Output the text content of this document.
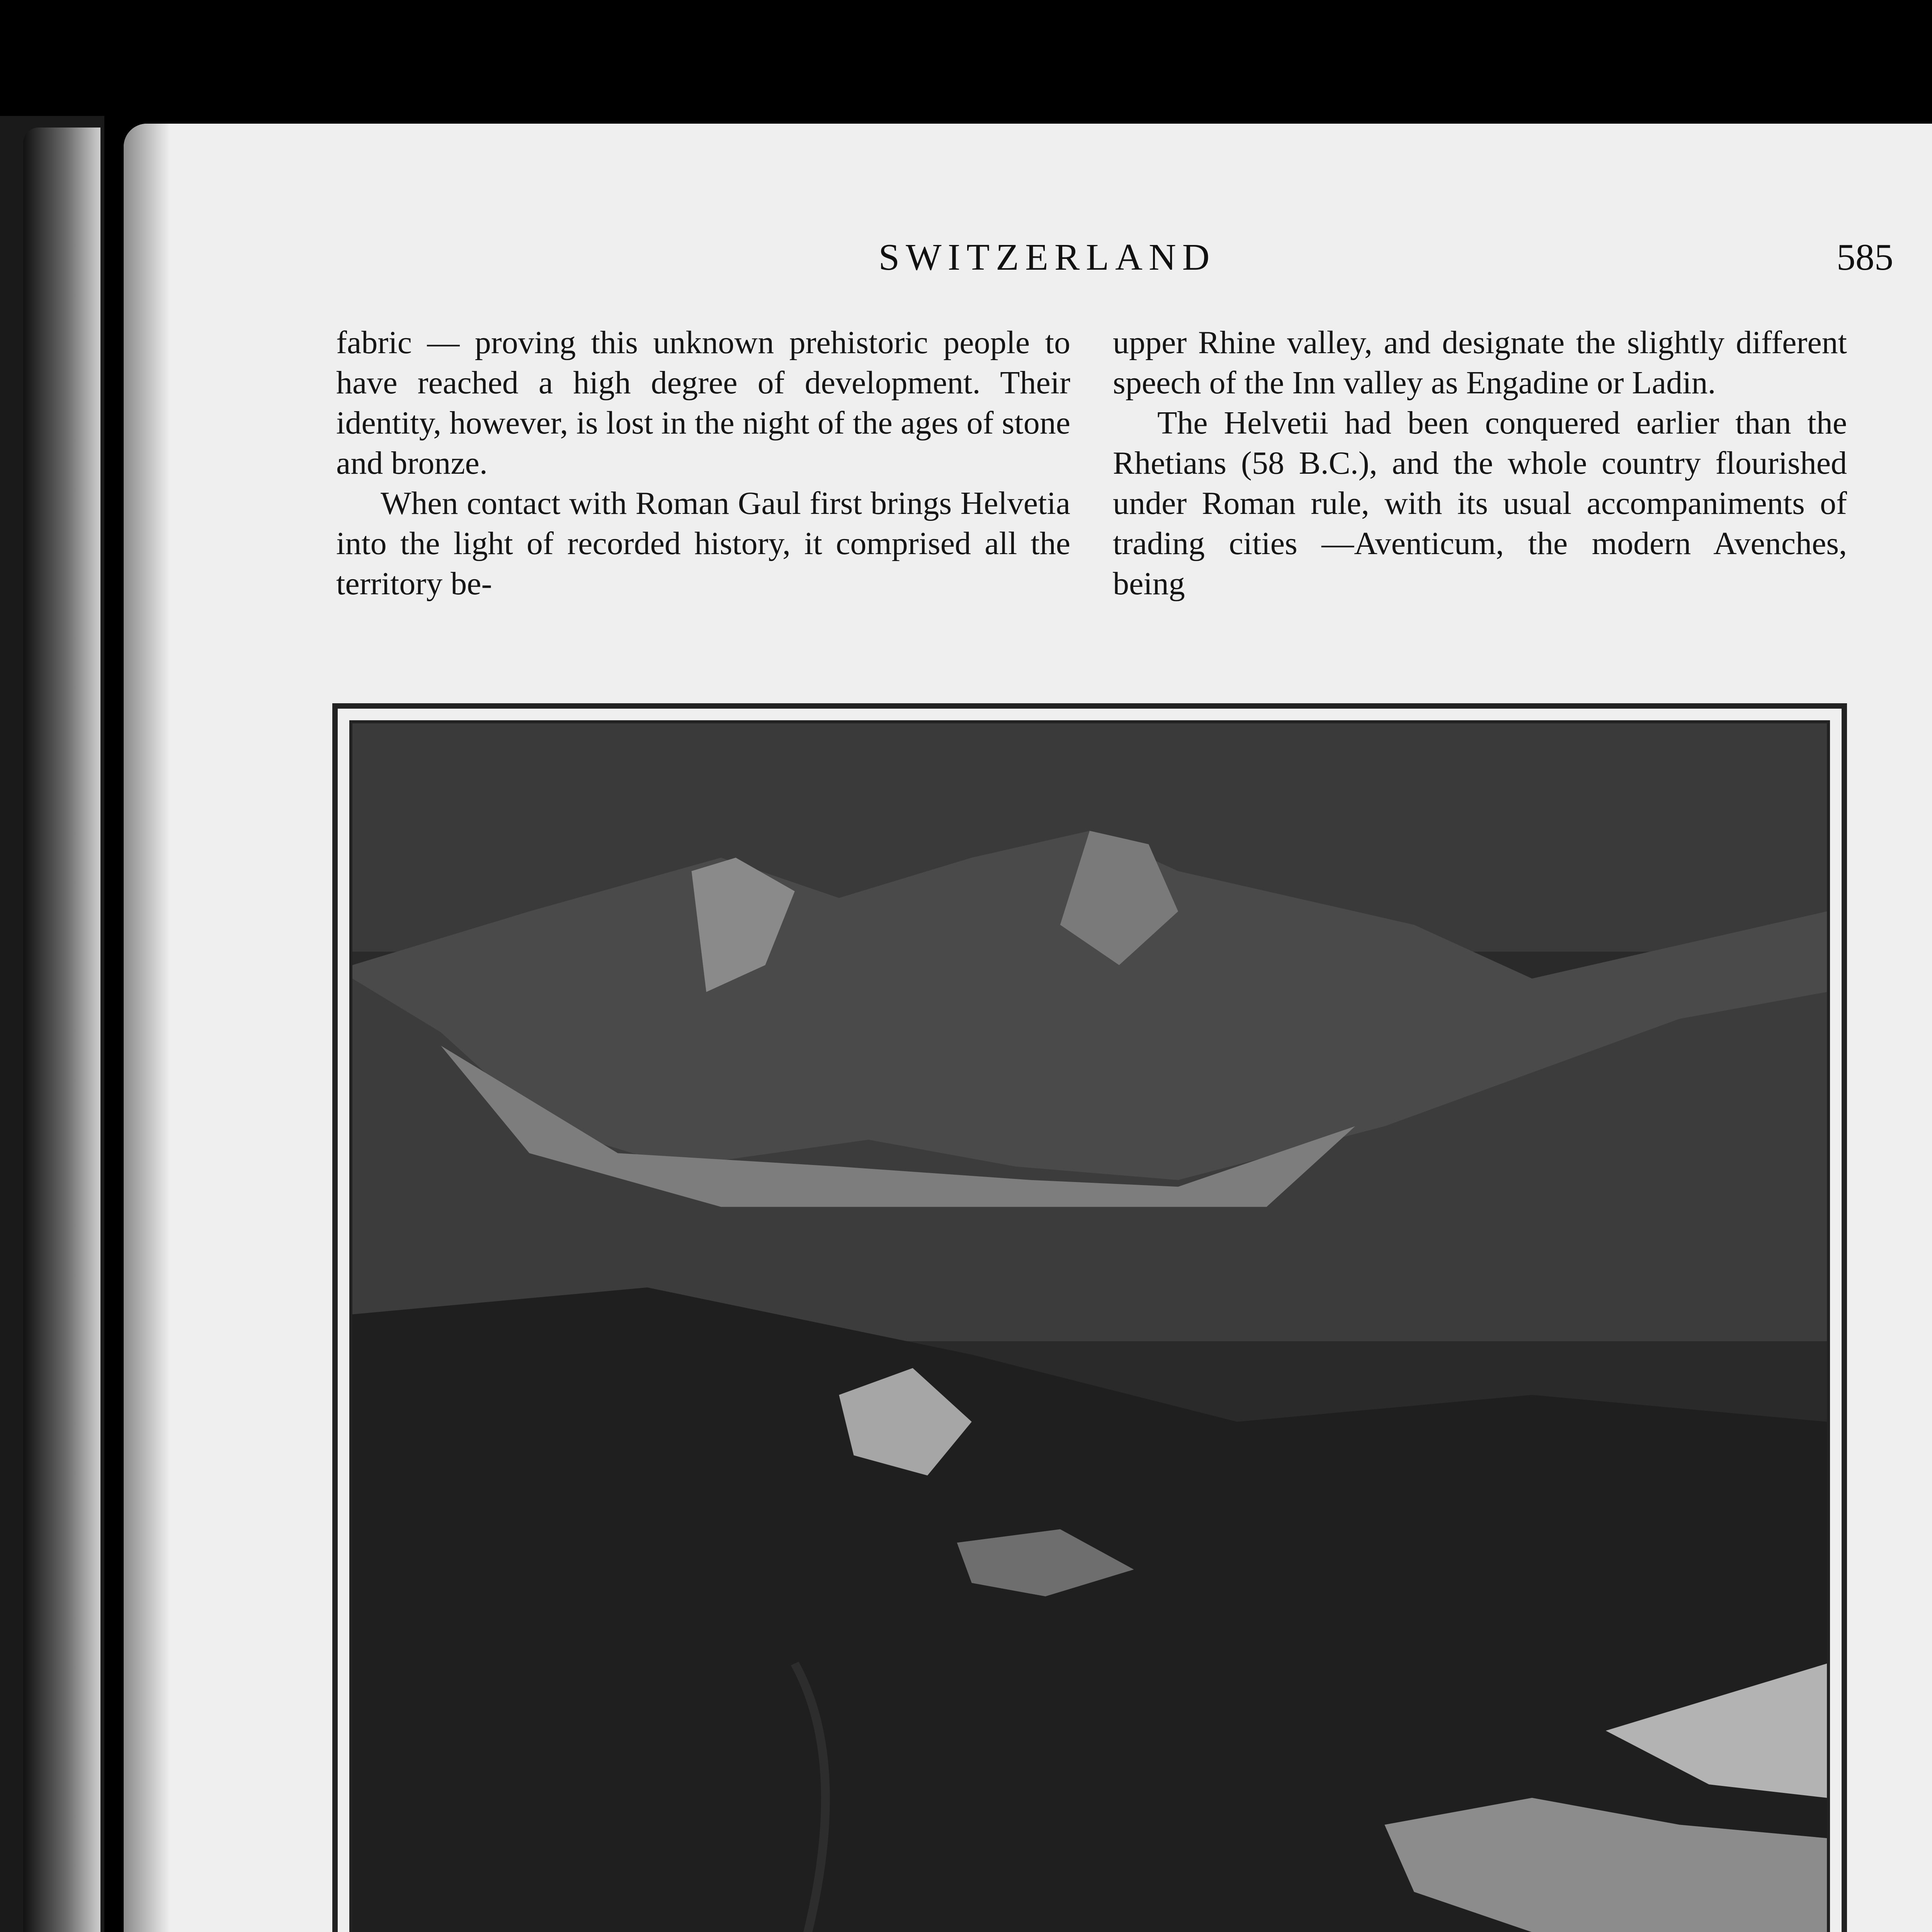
SWITZERLAND	585

fabric — proving this unknown prehistoric people to have reached a high degree of development. Their identity, however, is lost in the night of the ages of stone and bronze.

When contact with Roman Gaul first brings Helvetia into the light of recorded history, it comprised all the territory be-

upper Rhine valley, and designate the slightly different speech of the Inn valley as Engadine or Ladin.

The Helvetii had been conquered earlier than the Rhetians (58 B.C.), and the whole country flourished under Roman rule, with its usual accompaniments of trading cities —Aventicum, the modern Avenches, being
